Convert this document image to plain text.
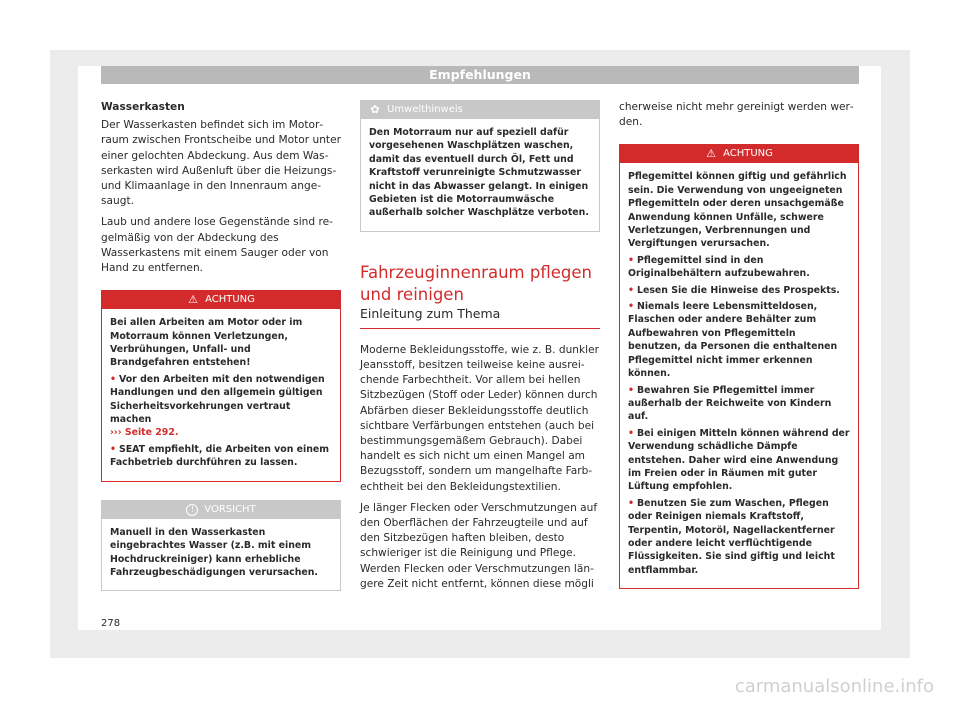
Empfehlungen

Wasserkasten

Der Wasserkasten befindet sich im Motorraum zwischen Frontscheibe und Motor unter einer gelochten Abdeckung. Aus dem Wasserkasten wird Außenluft über die Heizungs- und Klimaanlage in den Innenraum angesaugt.

Laub und andere lose Gegenstände sind regelmäßig von der Abdeckung des Wasserkastens mit einem Sauger oder von Hand zu entfernen.

⚠ ACHTUNG

Bei allen Arbeiten am Motor oder im Motorraum können Verletzungen, Verbrühungen, Unfall- und Brandgefahren entstehen!

• Vor den Arbeiten mit den notwendigen Handlungen und den allgemein gültigen Sicherheitsvorkehrungen vertraut machen
››› Seite 292.

• SEAT empfiehlt, die Arbeiten von einem Fachbetrieb durchführen zu lassen.

!	VORSICHT

Manuell in den Wasserkasten eingebrachtes Wasser (z.B. mit einem Hochdruckreiniger) kann erhebliche Fahrzeugbeschädigungen verursachen.

✿ Umwelthinweis

Den Motorraum nur auf speziell dafür vorgesehenen Waschplätzen waschen, damit das eventuell durch Öl, Fett und Kraftstoff verunreinigte Schmutzwasser nicht in das Abwasser gelangt. In einigen Gebieten ist die Motorraumwäsche außerhalb solcher Waschplätze verboten.

Fahrzeuginnenraum pflegen und reinigen

Einleitung zum Thema

Moderne Bekleidungsstoffe, wie z. B. dunkler Jeansstoff, besitzen teilweise keine ausreichende Farbechtheit. Vor allem bei hellen Sitzbezügen (Stoff oder Leder) können durch Abfärben dieser Bekleidungsstoffe deutlich sichtbare Verfärbungen entstehen (auch bei bestimmungsgemäßem Gebrauch). Dabei handelt es sich nicht um einen Mangel am Bezugsstoff, sondern um mangelhafte Farbechtheit bei den Bekleidungstextilien.

Je länger Flecken oder Verschmutzungen auf den Oberflächen der Fahrzeugteile und auf den Sitzbezügen haften bleiben, desto schwieriger ist die Reinigung und Pflege. Werden Flecken oder Verschmutzungen längere Zeit nicht entfernt, können diese mögli

cherweise nicht mehr gereinigt werden werden.

⚠ ACHTUNG

Pflegemittel können giftig und gefährlich sein. Die Verwendung von ungeeigneten Pflegemitteln oder deren unsachgemäße Anwendung können Unfälle, schwere Verletzungen, Verbrennungen und Vergiftungen verursachen.

• Pflegemittel sind in den Originalbehältern aufzubewahren.

• Lesen Sie die Hinweise des Prospekts.

• Niemals leere Lebensmitteldosen, Flaschen oder andere Behälter zum Aufbewahren von Pflegemitteln benutzen, da Personen die enthaltenen Pflegemittel nicht immer erkennen können.

• Bewahren Sie Pflegemittel immer außerhalb der Reichweite von Kindern auf.

• Bei einigen Mitteln können während der Verwendung schädliche Dämpfe entstehen. Daher wird eine Anwendung im Freien oder in Räumen mit guter Lüftung empfohlen.

• Benutzen Sie zum Waschen, Pflegen oder Reinigen niemals Kraftstoff, Terpentin, Motoröl, Nagellackentferner oder andere leicht verflüchtigende Flüssigkeiten. Sie sind giftig und leicht entflammbar.

278
carmanualsonline.info
